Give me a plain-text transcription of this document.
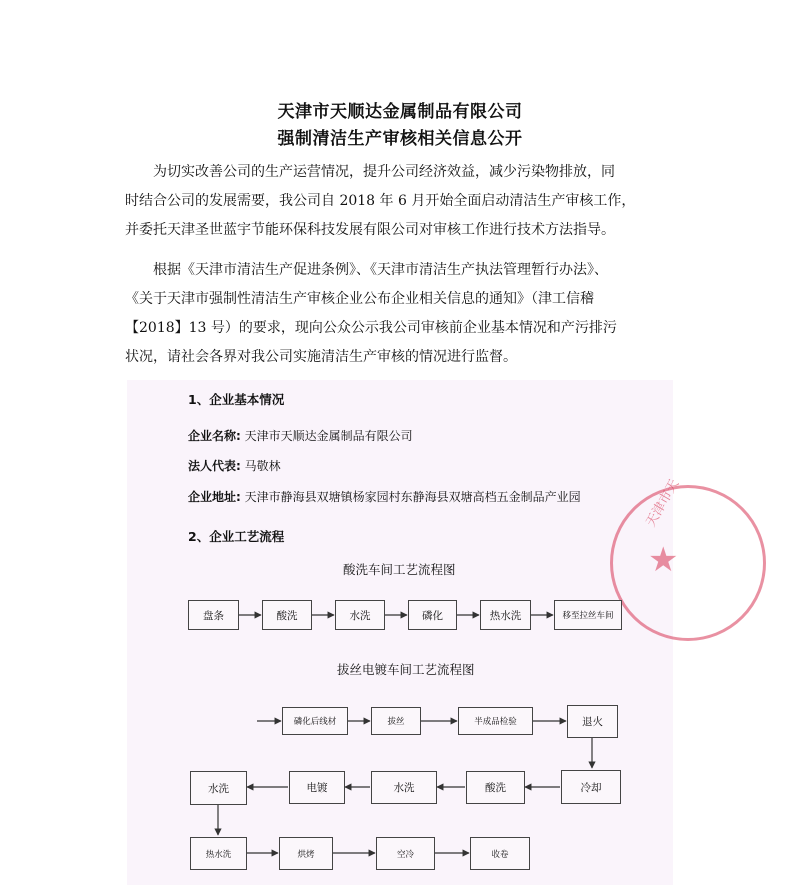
天津市天顺达金属制品有限公司
强制清洁生产审核相关信息公开
为切实改善公司的生产运营情况，提升公司经济效益，减少污染物排放，同
时结合公司的发展需要，我公司自 2018 年 6 月开始全面启动清洁生产审核工作，
并委托天津圣世蓝宇节能环保科技发展有限公司对审核工作进行技术方法指导。
根据《天津市清洁生产促进条例》、《天津市清洁生产执法管理暂行办法》、
《关于天津市强制性清洁生产审核企业公布企业相关信息的通知》（津工信稽
【2018】13 号）的要求，现向公众公示我公司审核前企业基本情况和产污排污
状况，请社会各界对我公司实施清洁生产审核的情况进行监督。
天津市天
★
1、企业基本情况
企业名称: 天津市天顺达金属制品有限公司
法人代表: 马敬林
企业地址: 天津市静海县双塘镇杨家园村东静海县双塘高档五金制品产业园
2、企业工艺流程
酸洗车间工艺流程图
盘条	酸洗	水洗	磷化	热水洗	移至拉丝车间
拔丝电镀车间工艺流程图
磷化后线材	拔丝	半成品检验	退火
冷却
酸洗
水洗
电镀
水洗
热水洗	烘烤	空冷	收卷
